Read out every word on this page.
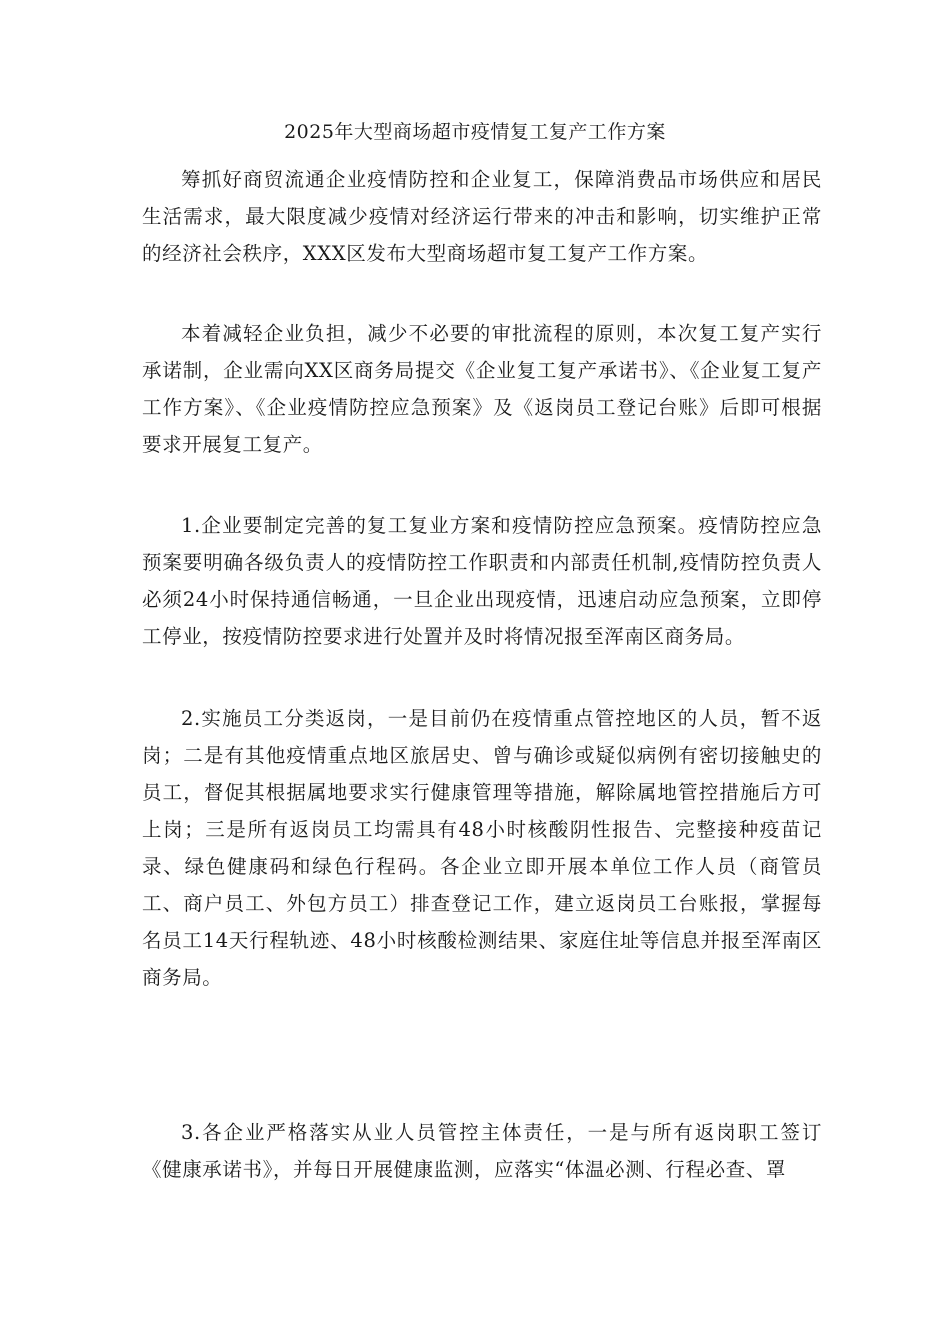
2025年大型商场超市疫情复工复产工作方案

筹抓好商贸流通企业疫情防控和企业复工，保障消费品市场供应和居民生活需求，最大限度减少疫情对经济运行带来的冲击和影响，切实维护正常的经济社会秩序，XXX区发布大型商场超市复工复产工作方案。

本着减轻企业负担，减少不必要的审批流程的原则，本次复工复产实行承诺制，企业需向XX区商务局提交《企业复工复产承诺书》、《企业复工复产工作方案》、《企业疫情防控应急预案》及《返岗员工登记台账》后即可根据要求开展复工复产。

1.企业要制定完善的复工复业方案和疫情防控应急预案。疫情防控应急预案要明确各级负责人的疫情防控工作职责和内部责任机制,疫情防控负责人必须24小时保持通信畅通，一旦企业出现疫情，迅速启动应急预案，立即停工停业，按疫情防控要求进行处置并及时将情况报至浑南区商务局。

2.实施员工分类返岗，一是目前仍在疫情重点管控地区的人员，暂不返岗；二是有其他疫情重点地区旅居史、曾与确诊或疑似病例有密切接触史的员工，督促其根据属地要求实行健康管理等措施，解除属地管控措施后方可上岗；三是所有返岗员工均需具有48小时核酸阴性报告、完整接种疫苗记录、绿色健康码和绿色行程码。各企业立即开展本单位工作人员（商管员工、商户员工、外包方员工）排查登记工作，建立返岗员工台账报，掌握每名员工14天行程轨迹、48小时核酸检测结果、家庭住址等信息并报至浑南区商务局。

3.各企业严格落实从业人员管控主体责任，一是与所有返岗职工签订《健康承诺书》，并每日开展健康监测，应落实“体温必测、行程必查、罩
